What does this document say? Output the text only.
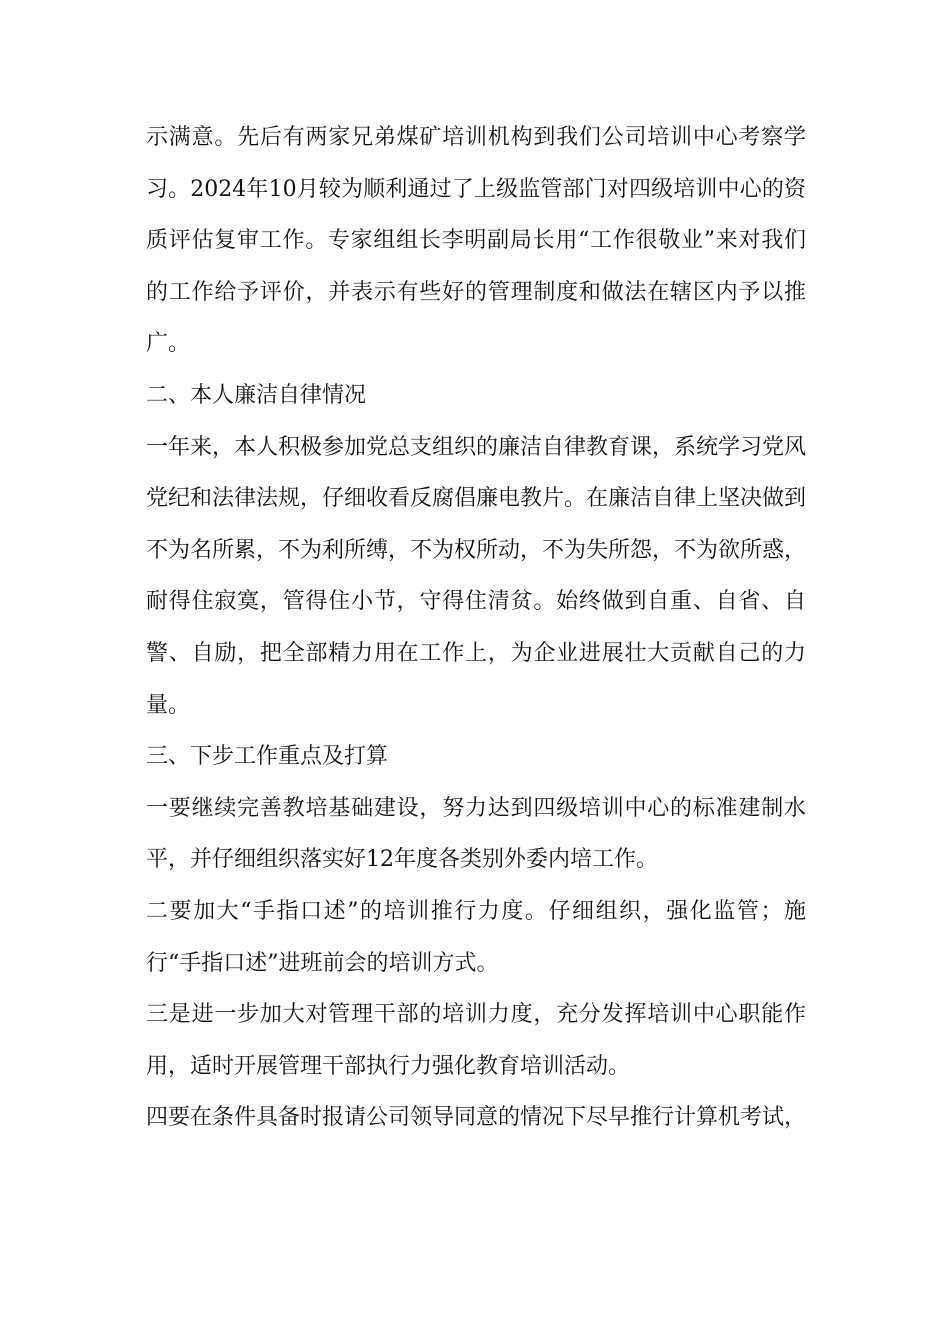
示满意。先后有两家兄弟煤矿培训机构到我们公司培训中心考察学习。2024年10月较为顺利通过了上级监管部门对四级培训中心的资质评估复审工作。专家组组长李明副局长用“工作很敬业”来对我们的工作给予评价，并表示有些好的管理制度和做法在辖区内予以推广。

二、本人廉洁自律情况

一年来，本人积极参加党总支组织的廉洁自律教育课，系统学习党风党纪和法律法规，仔细收看反腐倡廉电教片。在廉洁自律上坚决做到不为名所累，不为利所缚，不为权所动，不为失所怨，不为欲所惑，耐得住寂寞，管得住小节，守得住清贫。始终做到自重、自省、自警、自励，把全部精力用在工作上，为企业进展壮大贡献自己的力量。

三、下步工作重点及打算

一要继续完善教培基础建设，努力达到四级培训中心的标准建制水平，并仔细组织落实好12年度各类别外委内培工作。

二要加大“手指口述”的培训推行力度。仔细组织，强化监管；施行“手指口述”进班前会的培训方式。

三是进一步加大对管理干部的培训力度，充分发挥培训中心职能作用，适时开展管理干部执行力强化教育培训活动。

四要在条件具备时报请公司领导同意的情况下尽早推行计算机考试，
